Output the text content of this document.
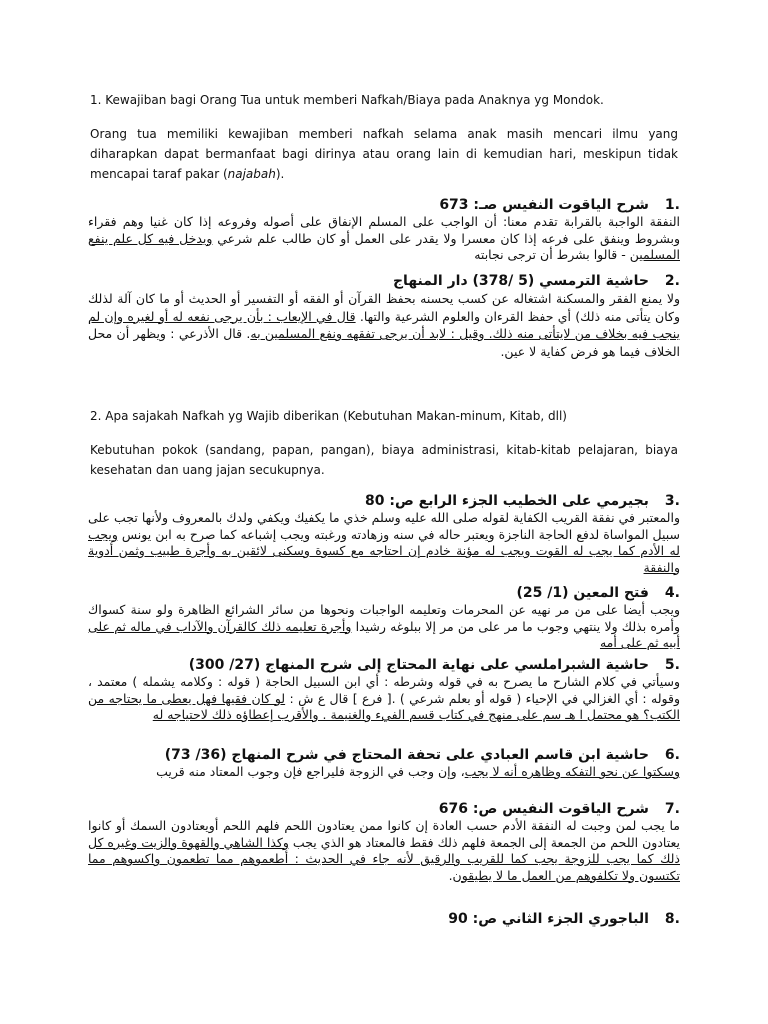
1. Kewajiban bagi Orang Tua untuk memberi Nafkah/Biaya pada Anaknya yg Mondok.

Orang tua memiliki kewajiban memberi nafkah selama anak masih mencari ilmu yang diharapkan dapat bermanfaat bagi dirinya atau orang lain di kemudian hari, meskipun tidak mencapai taraf pakar (najabah).

.1شرح الياقوت النفيس صـ: 673
النفقة الواجبة بالقرابة تقدم معنا: أن الواجب على المسلم الإنفاق على أصوله وفروعه إذا كان غنيا وهم فقراء وبشروط وينفق على فرعه إذا كان معسرا ولا يقدر على العمل أو كان طالب علم شرعي ويدخل فيه كل علم ينفع المسلمين - قالوا بشرط أن ترجى نجابته
.2حاشية الترمسي (5 /378) دار المنهاج
ولا يمنع الفقر والمسكنة اشتغاله عن كسب يحسنه بحفظ القرآن أو الفقه أو التفسير أو الحديث أو ما كان آلة لذلك وكان يتأتى منه ذلك) أي حفظ القرءان والعلوم الشرعية والتها. قال في الإيعاب : بأن يرجى نفعه له أو لغيره وإن لم ينجب فيه بخلاف من لايتأتى منه ذلك. وقيل : لابد أن يرجى تفقهه ونفع المسلمين به. قال الأذرعي : ويظهر أن محل الخلاف فيما هو فرض كفاية لا عين.

2. Apa sajakah Nafkah yg Wajib diberikan (Kebutuhan Makan-minum, Kitab, dll)

Kebutuhan pokok (sandang, papan, pangan), biaya administrasi, kitab-kitab pelajaran, biaya kesehatan dan uang jajan secukupnya.

.3بجيرمي على الخطيب الجزء الرابع ص: 80
والمعتبر في نفقة القريب الكفاية لقوله صلى الله عليه وسلم خذي ما يكفيك ويكفي ولدك بالمعروف ولأنها تجب على سبيل المواساة لدفع الحاجة الناجزة ويعتبر حاله في سنه وزهادته ورغبته ويجب إشباعه كما صرح به ابن يونس ويجب له الأدم كما يجب له القوت ويجب له مؤنة خادم إن احتاجه مع كسوة وسكنى لائقين به وأجرة طبيب وثمن أدوية والنفقة
.4فتح المعين (1/ 25)
ويجب أيضا على من مر نهيه عن المحرمات وتعليمه الواجبات ونحوها من سائر الشرائع الظاهرة ولو سنة كسواك وأمره بذلك ولا ينتهي وجوب ما مر على من مر إلا ببلوغه رشيدا وأجرة تعليمه ذلك كالقرآن والآداب في ماله ثم على أبيه ثم على أمه
.5حاشية الشبراملسي على نهاية المحتاج إلى شرح المنهاج (27/ 300)
وسيأتي في كلام الشارح ما يصرح به في قوله وشرطه : أي ابن السبيل الحاجة ( قوله : وكلامه يشمله ) معتمد ، وقوله : أي الغزالي في الإحياء ( قوله أو بعلم شرعي ) .[ فرع ] قال ع ش : لو كان فقيها فهل يعطى ما يحتاجه من الكتب؟ هو محتمل ا هـ سم على منهج في كتاب قسم الفيء والغنيمة . والأقرب إعطاؤه ذلك لاحتياجه له
.6حاشية ابن قاسم العبادي على تحفة المحتاج في شرح المنهاج (36/ 73)
وسكتوا عن نحو التفكه وظاهره أنه لا يجب، وإن وجب في الزوجة فليراجع فإن وجوب المعتاد منه قريب
.7شرح الياقوت النفيس ص: 676
ما يجب لمن وجبت له النفقة الأدم حسب العادة إن كانوا ممن يعتادون اللحم فلهم اللحم أويعتادون السمك أو كانوا يعتادون اللحم من الجمعة إلى الجمعة فلهم ذلك فقط فالمعتاد هو الذي يجب وكذا الشاهي والقهوة والزيت وغيره كل ذلك كما يجب للزوجة يجب كما للقريب والرقيق لأنه جاء في الحديث : أطعموهم مما تطعمون واكسوهم مما تكتسون ولا تكلفوهم من العمل ما لا يطيقون.
.8الباجوري الجزء الثاني ص: 90
